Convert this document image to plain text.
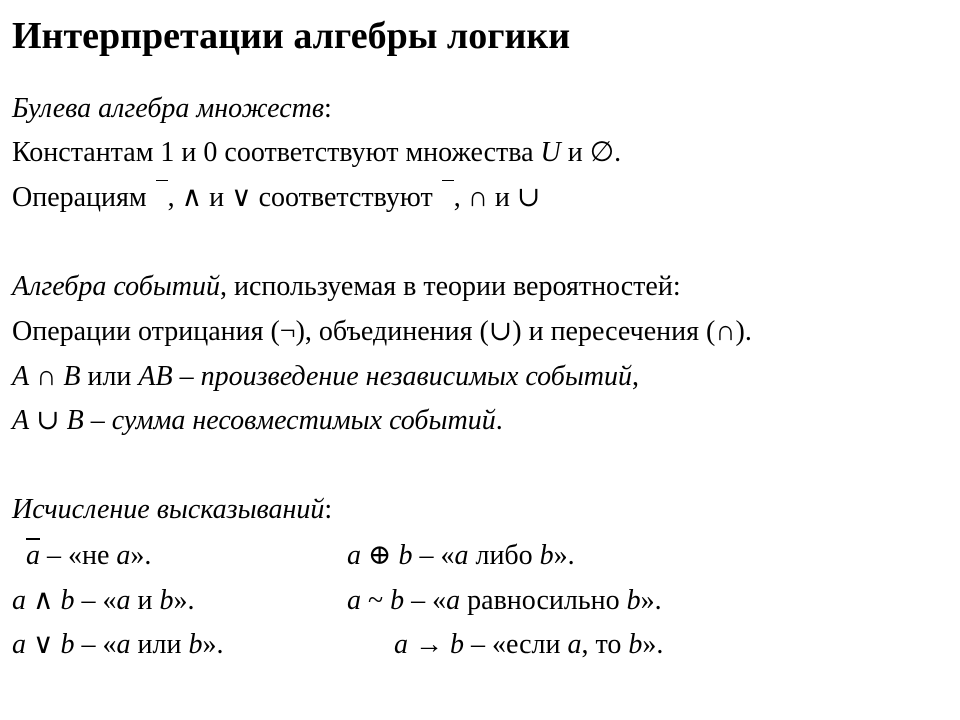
Интерпретации алгебры логики
Булева алгебра множеств:
Константам 1 и 0 соответствуют множества U и ∅.
Операциям , ∧ и ∨ соответствуют , ∩ и ∪
Алгебра событий, используемая в теории вероятностей:
Операции отрицания (¬), объединения (∪) и пересечения (∩).
A ∩ B или AB – произведение независимых событий,
A ∪ B – сумма несовместимых событий.
Исчисление высказываний:
$\overline{a}$ – «не a».	a ⊕ b – «a либо b».
a ∧ b – «a и b».	a ~ b – «a равносильно b».
a ∨ b – «a или b».	a → b – «если a, то b».
